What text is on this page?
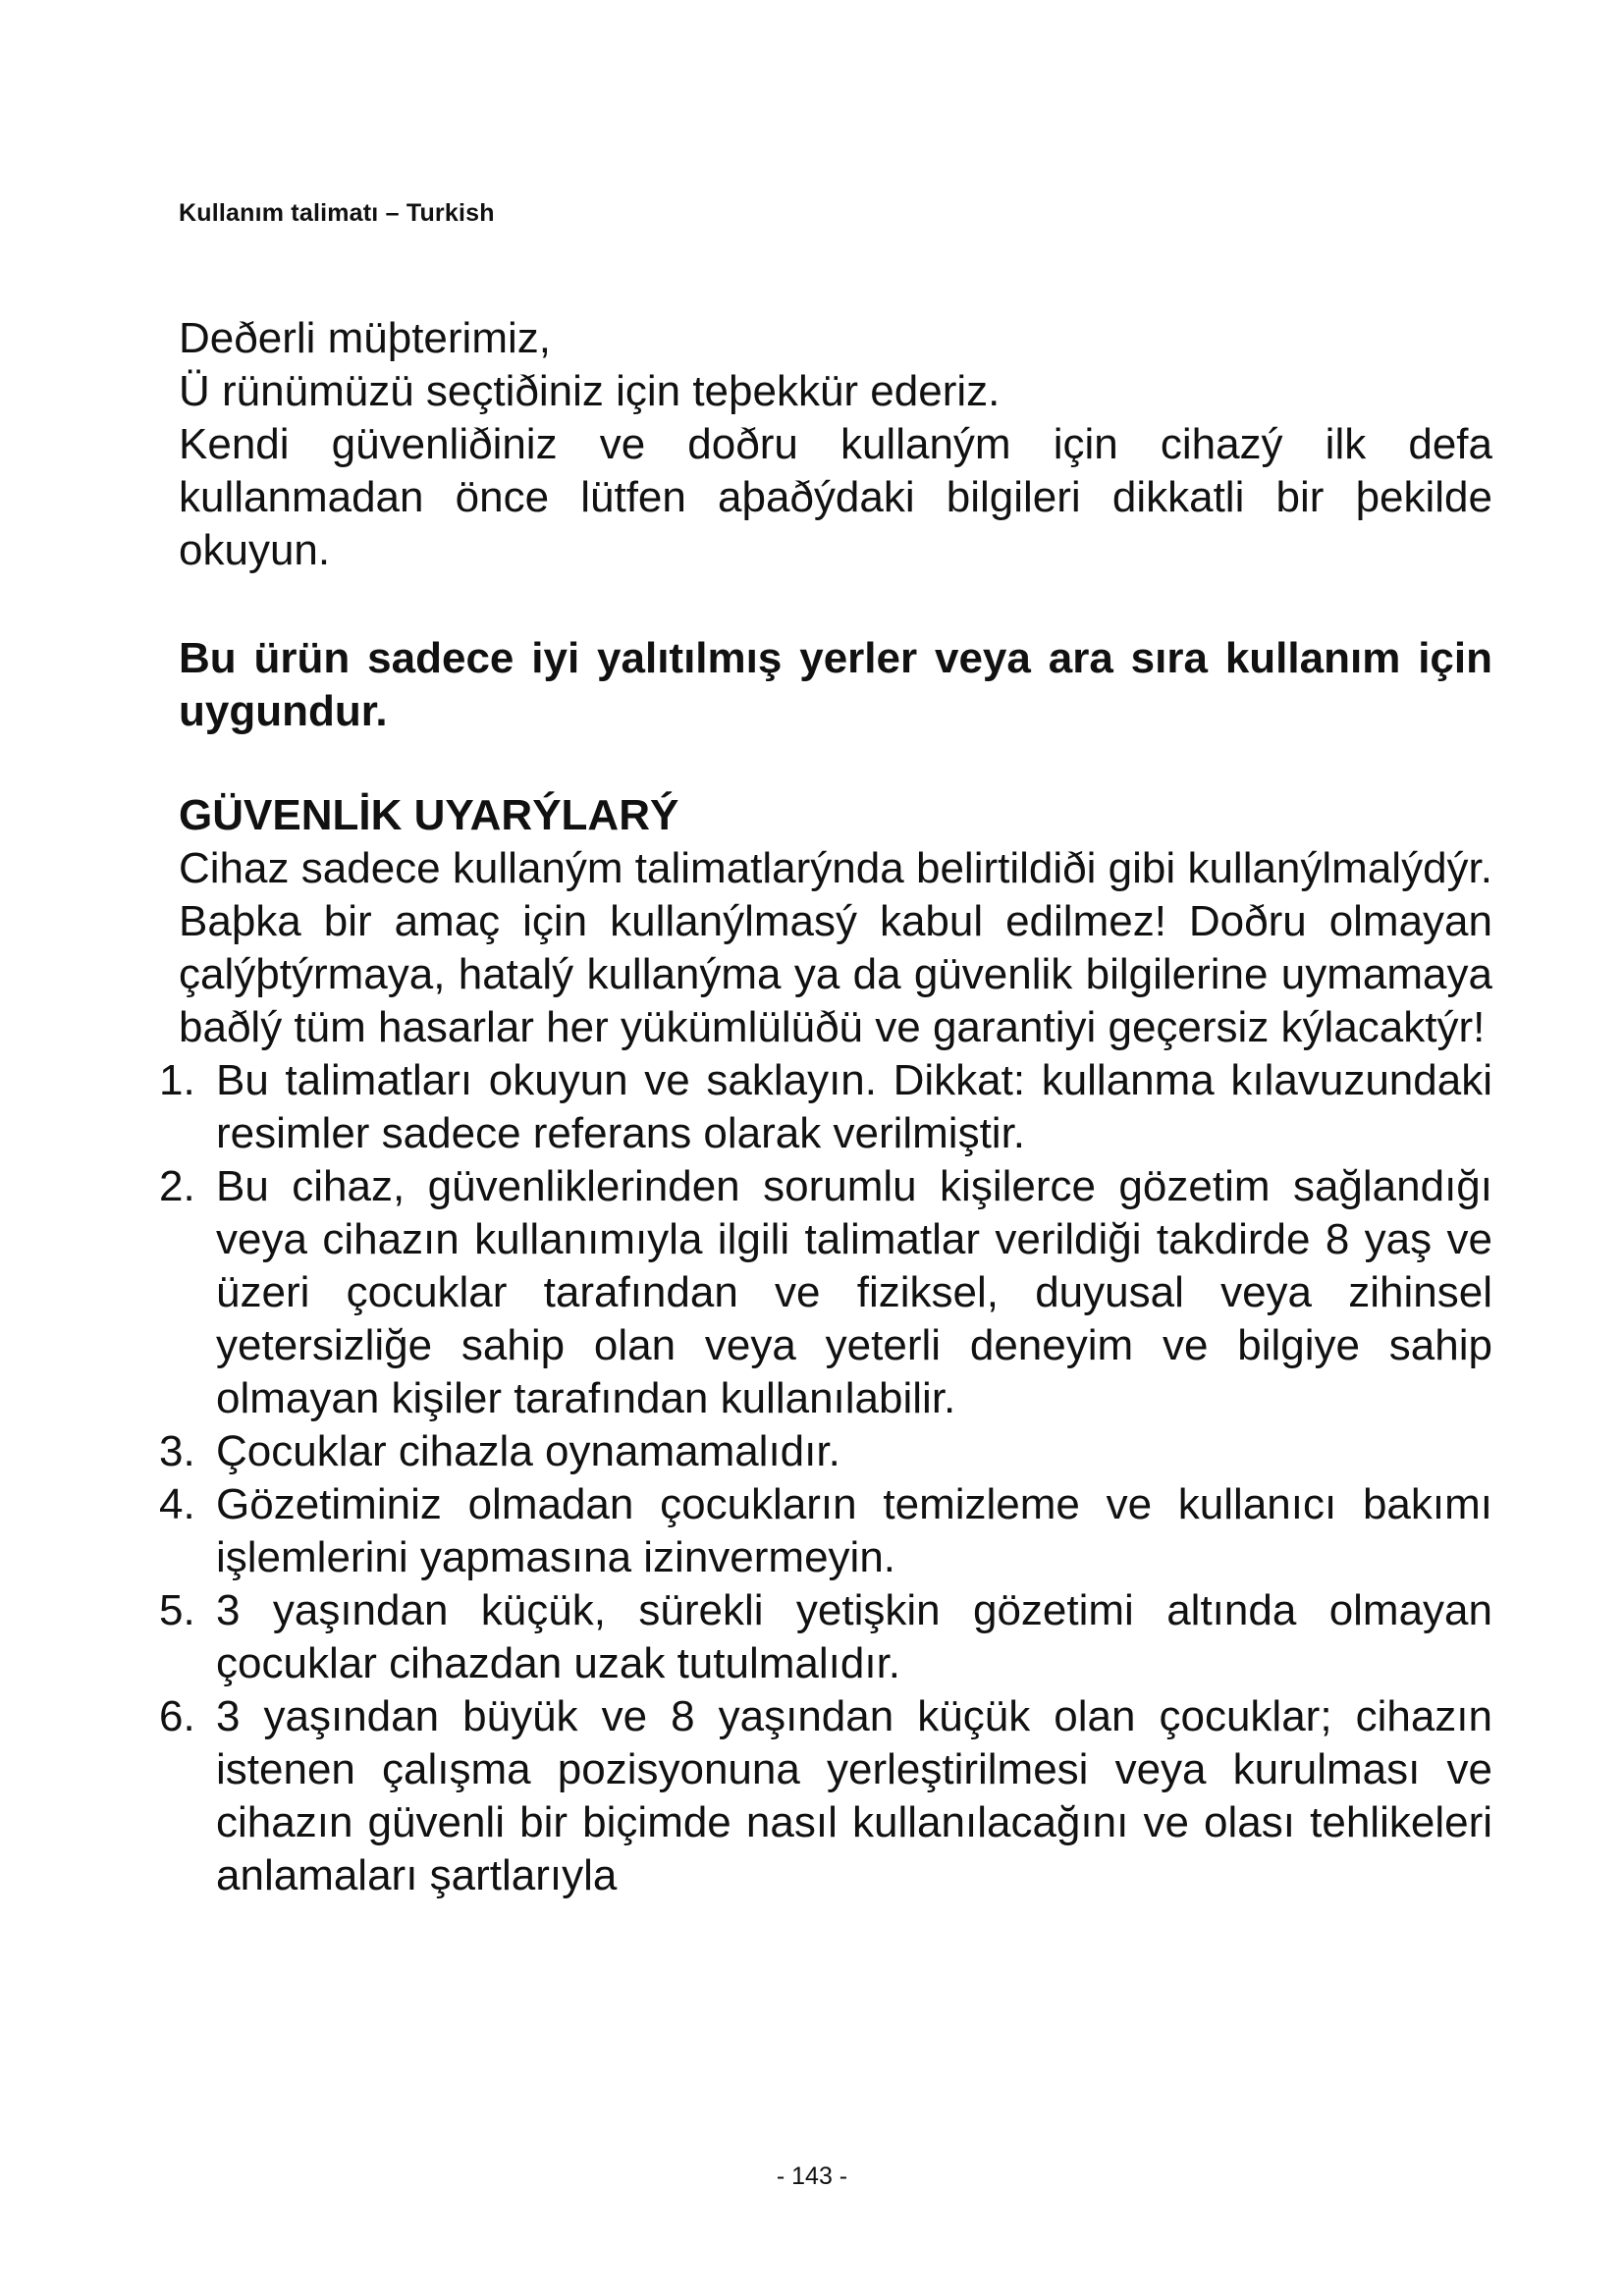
Kullanım talimatı – Turkish

Deðerli müþterimiz,

Ü rünümüzü seçtiðiniz için teþekkür ederiz.

Kendi güvenliðiniz ve doðru kullaným için cihazý ilk defa kullanmadan önce lütfen aþaðýdaki bilgileri dikkatli bir þekilde okuyun.

Bu ürün sadece iyi yalıtılmış yerler veya ara sıra kullanım için uygundur.

GÜVENLİK UYARÝLARÝ

Cihaz sadece kullaným talimatlarýnda belirtildiði gibi kullanýlmalýdýr. Baþka bir amaç için kullanýlmasý kabul edilmez! Doðru olmayan çalýþtýrmaya, hatalý kullanýma ya da güvenlik bilgilerine uymamaya baðlý tüm hasarlar her yükümlülüðü ve garantiyi geçersiz kýlacaktýr!

1. Bu talimatları okuyun ve saklayın. Dikkat: kullanma kılavuzundaki resimler sadece referans olarak verilmiştir.
2. Bu cihaz, güvenliklerinden sorumlu kişilerce gözetim sağlandığı veya cihazın kullanımıyla ilgili talimatlar verildiği takdirde 8 yaş ve üzeri çocuklar tarafından ve fiziksel, duyusal veya zihinsel yetersizliğe sahip olan veya yeterli deneyim ve bilgiye sahip olmayan kişiler tarafından kullanılabilir.
3. Çocuklar cihazla oynamamalıdır.
4. Gözetiminiz olmadan çocukların temizleme ve kullanıcı bakımı işlemlerini yapmasına izinvermeyin.
5. 3 yaşından küçük, sürekli yetişkin gözetimi altında olmayan çocuklar cihazdan uzak tutulmalıdır.
6. 3 yaşından büyük ve 8 yaşından küçük olan çocuklar; cihazın istenen çalışma pozisyonuna yerleştirilmesi veya kurulması ve cihazın güvenli bir biçimde nasıl kullanılacağını ve olası tehlikeleri anlamaları şartlarıyla
- 143 -
